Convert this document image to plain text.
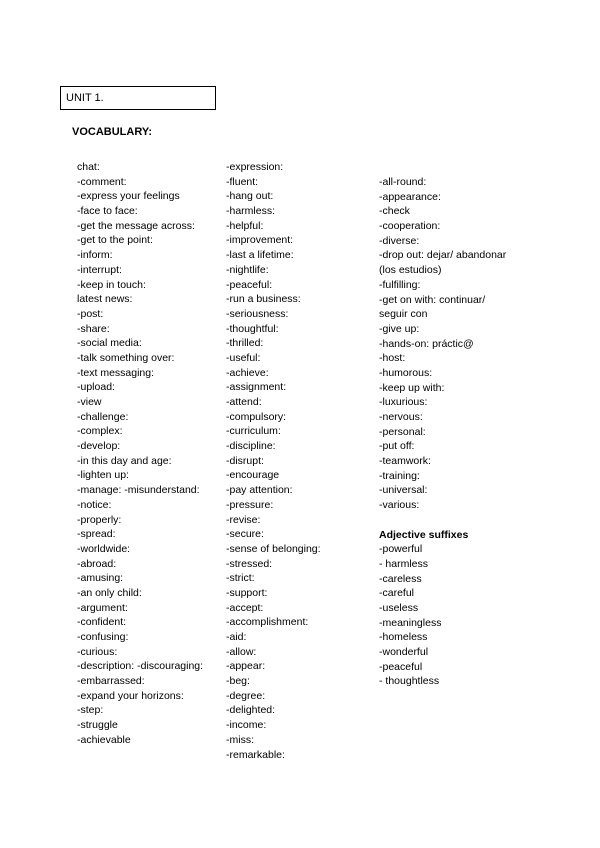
UNIT 1.
VOCABULARY:
chat:
-comment:
-express your feelings
-face to face:
-get the message across:
-get to the point:
-inform:
-interrupt:
-keep in touch:
latest news:
-post:
-share:
-social media:
-talk something over:
-text messaging:
-upload:
-view
-challenge:
-complex:
-develop:
-in this day and age:
-lighten up:
-manage: -misunderstand:
-notice:
-properly:
-spread:
-worldwide:
-abroad:
-amusing:
-an only child:
-argument:
-confident:
-confusing:
-curious:
-description: -discouraging:
-embarrassed:
-expand your horizons:
-step:
-struggle
-achievable
-expression:
-fluent:
-hang out:
-harmless:
-helpful:
-improvement:
-last a lifetime:
-nightlife:
-peaceful:
-run a business:
-seriousness:
-thoughtful:
-thrilled:
-useful:
-achieve:
-assignment:
-attend:
-compulsory:
-curriculum:
-discipline:
-disrupt:
-encourage
-pay attention:
-pressure:
-revise:
-secure:
-sense of belonging:
-stressed:
-strict:
-support:
-accept:
-accomplishment:
-aid:
-allow:
-appear:
-beg:
-degree:
-delighted:
-income:
-miss:
-remarkable:
-all-round:
-appearance:
-check
-cooperation:
-diverse:
-drop out: dejar/ abandonar
(los estudios)
-fulfilling:
-get on with: continuar/
seguir con
-give up:
-hands-on: práctic@
-host:
-humorous:
-keep up with:
-luxurious:
-nervous:
-personal:
-put off:
-teamwork:
-training:
-universal:
-various:
Adjective suffixes
-powerful
- harmless
-careless
-careful
-useless
-meaningless
-homeless
-wonderful
-peaceful
- thoughtless
